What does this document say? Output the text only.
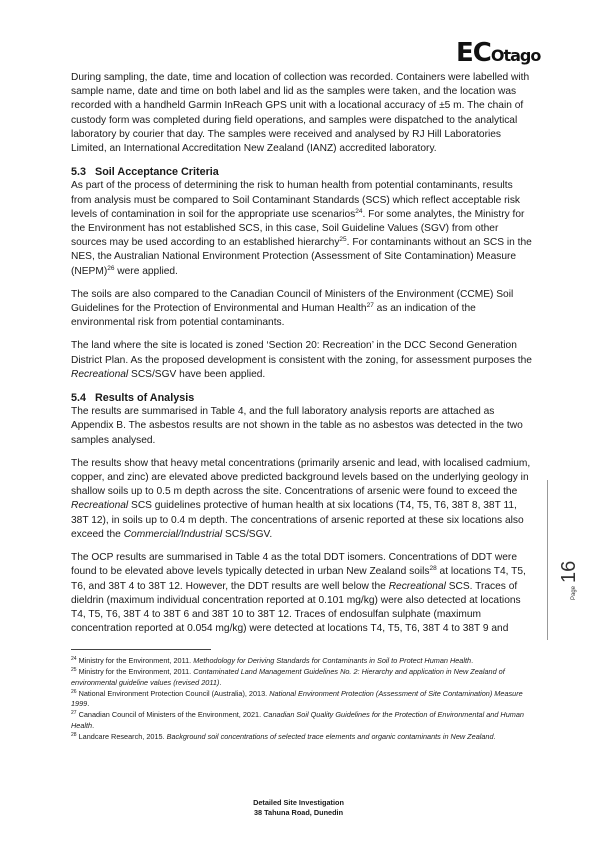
ECOtago

During sampling, the date, time and location of collection was recorded. Containers were labelled with sample name, date and time on both label and lid as the samples were taken, and the location was recorded with a handheld Garmin InReach GPS unit with a locational accuracy of ±5 m. The chain of custody form was completed during field operations, and samples were dispatched to the analytical laboratory by courier that day. The samples were received and analysed by RJ Hill Laboratories Limited, an International Accreditation New Zealand (IANZ) accredited laboratory.

5.3 Soil Acceptance Criteria

As part of the process of determining the risk to human health from potential contaminants, results from analysis must be compared to Soil Contaminant Standards (SCS) which reflect acceptable risk levels of contamination in soil for the appropriate use scenarios$^{24}$. For some analytes, the Ministry for the Environment has not established SCS, in this case, Soil Guideline Values (SGV) from other sources may be used according to an established hierarchy$^{25}$. For contaminants without an SCS in the NES, the Australian National Environment Protection (Assessment of Site Contamination) Measure (NEPM)$^{26}$ were applied.

The soils are also compared to the Canadian Council of Ministers of the Environment (CCME) Soil Guidelines for the Protection of Environmental and Human Health$^{27}$ as an indication of the environmental risk from potential contaminants.

The land where the site is located is zoned ‘Section 20: Recreation’ in the DCC Second Generation District Plan. As the proposed development is consistent with the zoning, for assessment purposes the Recreational SCS/SGV have been applied.

5.4 Results of Analysis

The results are summarised in Table 4, and the full laboratory analysis reports are attached as Appendix B. The asbestos results are not shown in the table as no asbestos was detected in the two samples analysed.

The results show that heavy metal concentrations (primarily arsenic and lead, with localised cadmium, copper, and zinc) are elevated above predicted background levels based on the underlying geology in shallow soils up to 0.5 m depth across the site. Concentrations of arsenic were found to exceed the Recreational SCS guidelines protective of human health at six locations (T4, T5, T6, 38T 8, 38T 11, 38T 12), in soils up to 0.4 m depth. The concentrations of arsenic reported at these six locations also exceed the Commercial/Industrial SCS/SGV.

The OCP results are summarised in Table 4 as the total DDT isomers. Concentrations of DDT were found to be elevated above levels typically detected in urban New Zealand soils$^{28}$ at locations T4, T5, T6, and 38T 4 to 38T 12. However, the DDT results are well below the Recreational SCS. Traces of dieldrin (maximum individual concentration reported at 0.101 mg/kg) were also detected at locations T4, T5, T6, 38T 4 to 38T 6 and 38T 10 to 38T 12. Traces of endosulfan sulphate (maximum concentration reported at 0.054 mg/kg) were detected at locations T4, T5, T6, 38T 4 to 38T 9 and

$^{24}$ Ministry for the Environment, 2011. Methodology for Deriving Standards for Contaminants in Soil to Protect Human Health.
$^{25}$ Ministry for the Environment, 2011. Contaminated Land Management Guidelines No. 2: Hierarchy and application in New Zealand of environmental guideline values (revised 2011).
$^{26}$ National Environment Protection Council (Australia), 2013. National Environment Protection (Assessment of Site Contamination) Measure 1999.
$^{27}$ Canadian Council of Ministers of the Environment, 2021. Canadian Soil Quality Guidelines for the Protection of Environmental and Human Health.
$^{28}$ Landcare Research, 2015. Background soil concentrations of selected trace elements and organic contaminants in New Zealand.
Page16
Detailed Site Investigation
38 Tahuna Road, Dunedin
